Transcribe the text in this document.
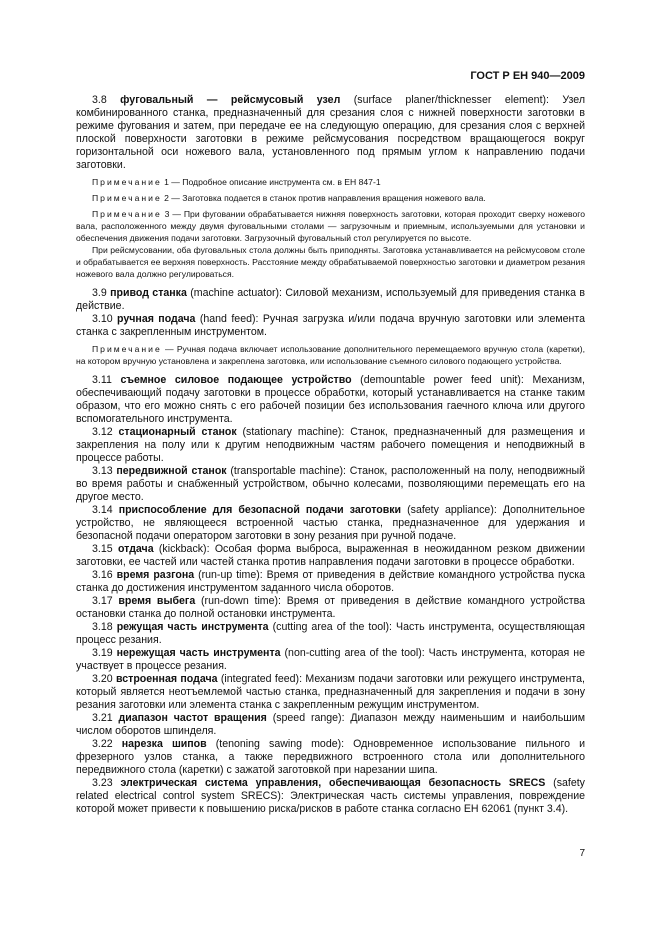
ГОСТ Р ЕН 940—2009

3.8 фуговальный — рейсмусовый узел (surface planer/thicknesser element): Узел комбинированного станка, предназначенный для срезания слоя с нижней поверхности заготовки в режиме фугования и затем, при передаче ее на следующую операцию, для срезания слоя с верхней плоской поверхности заготовки в режиме рейсмусования посредством вращающегося вокруг горизонтальной оси ножевого вала, установленного под прямым углом к направлению подачи заготовки.

Примечание 1 — Подробное описание инструмента см. в ЕН 847-1

Примечание 2 — Заготовка подается в станок против направления вращения ножевого вала.

Примечание 3 — При фуговании обрабатывается нижняя поверхность заготовки, которая проходит сверху ножевого вала, расположенного между двумя фуговальными столами — загрузочным и приемным, используемыми для установки и обеспечения движения подачи заготовки. Загрузочный фуговальный стол регулируется по высоте.

При рейсмусовании, оба фуговальных стола должны быть приподняты. Заготовка устанавливается на рейсмусовом столе и обрабатывается ее верхняя поверхность. Расстояние между обрабатываемой поверхностью заготовки и диаметром резания ножевого вала должно регулироваться.

3.9 привод станка (machine actuator): Силовой механизм, используемый для приведения станка в действие.

3.10 ручная подача (hand feed): Ручная загрузка и/или подача вручную заготовки или элемента станка с закрепленным инструментом.

Примечание — Ручная подача включает использование дополнительного перемещаемого вручную стола (каретки), на котором вручную установлена и закреплена заготовка, или использование съемного силового подающего устройства.

3.11 съемное силовое подающее устройство (demountable power feed unit): Механизм, обеспечивающий подачу заготовки в процессе обработки, который устанавливается на станке таким образом, что его можно снять с его рабочей позиции без использования гаечного ключа или другого вспомогательного инструмента.

3.12 стационарный станок (stationary machine): Станок, предназначенный для размещения и закрепления на полу или к другим неподвижным частям рабочего помещения и неподвижный в процессе работы.

3.13 передвижной станок (transportable machine): Станок, расположенный на полу, неподвижный во время работы и снабженный устройством, обычно колесами, позволяющими перемещать его на другое место.

3.14 приспособление для безопасной подачи заготовки (safety appliance): Дополнительное устройство, не являющееся встроенной частью станка, предназначенное для удержания и безопасной подачи оператором заготовки в зону резания при ручной подаче.

3.15 отдача (kickback): Особая форма выброса, выраженная в неожиданном резком движении заготовки, ее частей или частей станка против направления подачи заготовки в процессе обработки.

3.16 время разгона (run-up time): Время от приведения в действие командного устройства пуска станка до достижения инструментом заданного числа оборотов.

3.17 время выбега (run-down time): Время от приведения в действие командного устройства остановки станка до полной остановки инструмента.

3.18 режущая часть инструмента (cutting area of the tool): Часть инструмента, осуществляющая процесс резания.

3.19 нережущая часть инструмента (non-cutting area of the tool): Часть инструмента, которая не участвует в процессе резания.

3.20 встроенная подача (integrated feed): Механизм подачи заготовки или режущего инструмента, который является неотъемлемой частью станка, предназначенный для закрепления и подачи в зону резания заготовки или элемента станка с закрепленным режущим инструментом.

3.21 диапазон частот вращения (speed range): Диапазон между наименьшим и наибольшим числом оборотов шпинделя.

3.22 нарезка шипов (tenoning sawing mode): Одновременное использование пильного и фрезерного узлов станка, а также передвижного встроенного стола или дополнительного передвижного стола (каретки) с зажатой заготовкой при нарезании шипа.

3.23 электрическая система управления, обеспечивающая безопасность SRECS (safety related electrical control system SRECS): Электрическая часть системы управления, повреждение которой может привести к повышению риска/рисков в работе станка согласно ЕН 62061 (пункт 3.4).

7
